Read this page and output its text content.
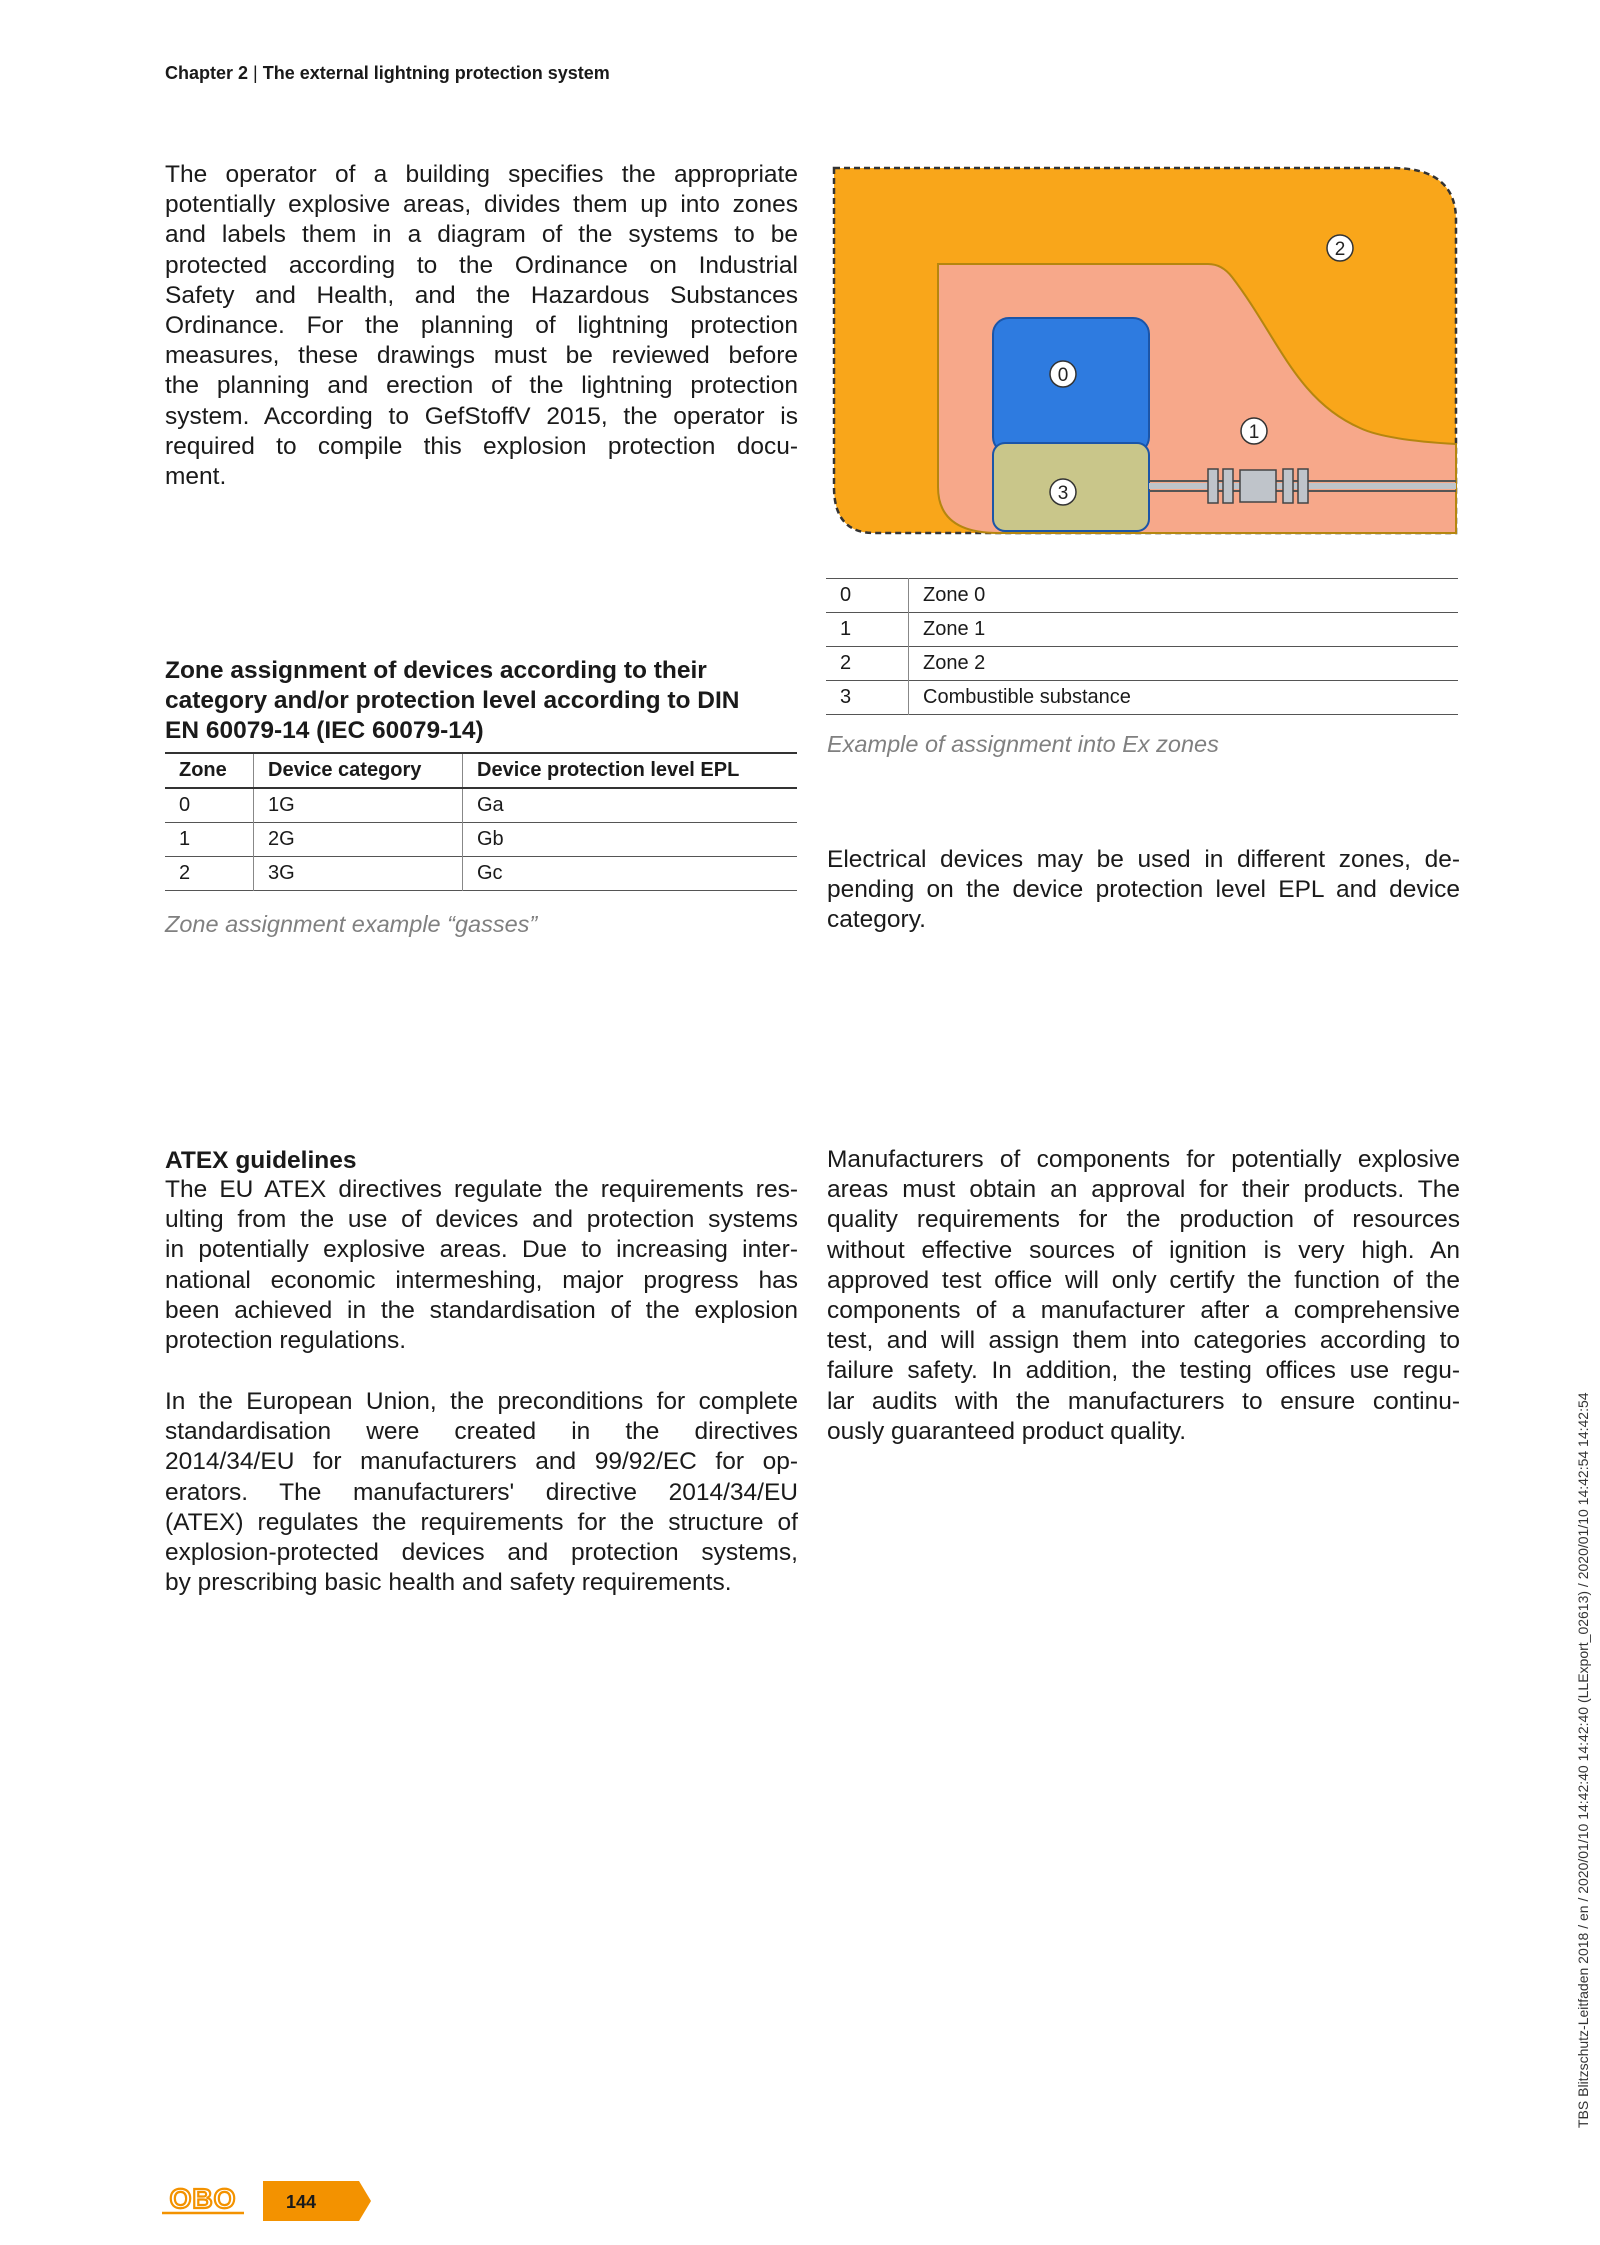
Chapter 2 | The external lightning protection system
The operator of a building specifies the appropriate
potentially explosive areas, divides them up into zones
and labels them in a diagram of the systems to be
protected according to the Ordinance on Industrial
Safety and Health, and the Hazardous Substances
Ordinance. For the planning of lightning protection
measures, these drawings must be reviewed before
the planning and erection of the lightning protection
system. According to GefStoffV 2015, the operator is
required to compile this explosion protection docu-
ment.
0
1
2
3
0	Zone 0
1	Zone 1
2	Zone 2
3	Combustible substance
Example of assignment into Ex zones
Zone assignment of devices according to their
category and/or protection level according to DIN
EN 60079-14 (IEC 60079-14)
Zone	Device category	Device protection level EPL
0	1G	Ga
1	2G	Gb
2	3G	Gc
Zone assignment example “gasses”
Electrical devices may be used in different zones, de-
pending on the device protection level EPL and device
category.
ATEX guidelines
The EU ATEX directives regulate the requirements res-
ulting from the use of devices and protection systems
in potentially explosive areas. Due to increasing inter-
national economic intermeshing, major progress has
been achieved in the standardisation of the explosion
protection regulations.
In the European Union, the preconditions for complete
standardisation were created in the directives
2014/34/EU for manufacturers and 99/92/EC for op-
erators. The manufacturers' directive 2014/34/EU
(ATEX) regulates the requirements for the structure of
explosion-protected devices and protection systems,
by prescribing basic health and safety requirements.
Manufacturers of components for potentially explosive
areas must obtain an approval for their products. The
quality requirements for the production of resources
without effective sources of ignition is very high. An
approved test office will only certify the function of the
components of a manufacturer after a comprehensive
test, and will assign them into categories according to
failure safety. In addition, the testing offices use regu-
lar audits with the manufacturers to ensure continu-
ously guaranteed product quality.
OBO	144
TBS Blitzschutz-Leitfaden 2018 / en / 2020/01/10 14:42:40 14:42:40 (LLExport_02613) / 2020/01/10 14:42:54 14:42:54
